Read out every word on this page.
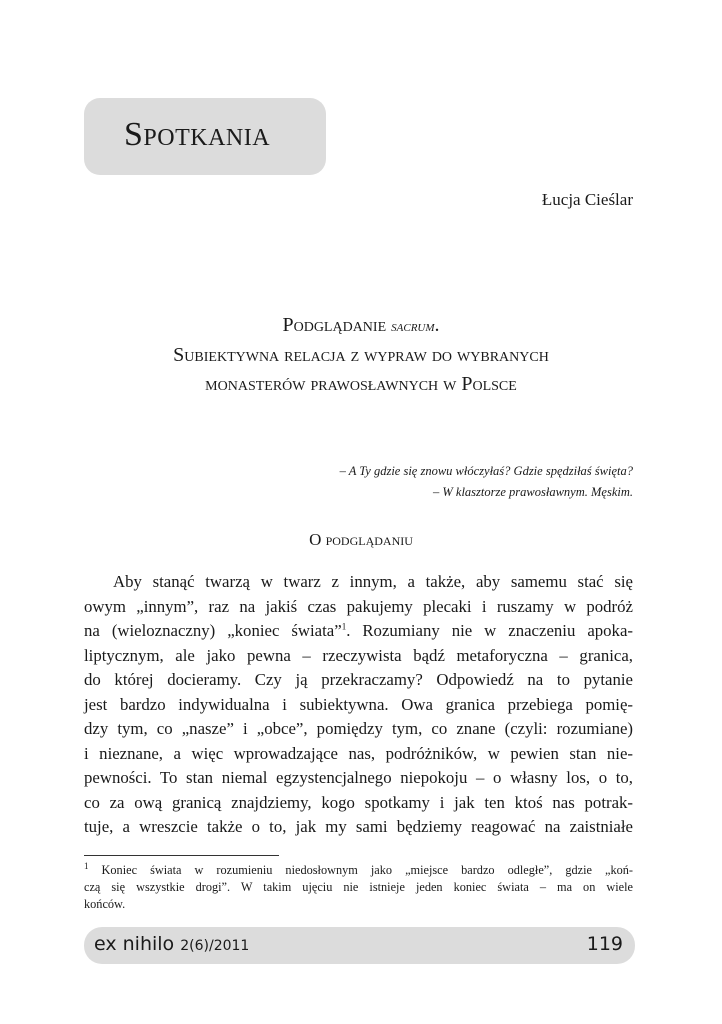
Spotkania
Łucja Cieślar
Podglądanie sacrum.
Subiektywna relacja z wypraw do wybranych
monasterów prawosławnych w Polsce
– A Ty gdzie się znowu włóczyłaś? Gdzie spędziłaś święta?
– W klasztorze prawosławnym. Męskim.
O podglądaniu
Aby stanąć twarzą w twarz z innym, a także, aby samemu stać się
owym „innym”, raz na jakiś czas pakujemy plecaki i ruszamy w podróż
na (wieloznaczny) „koniec świata”$^1$. Rozumiany nie w znaczeniu apoka-
liptycznym, ale jako pewna – rzeczywista bądź metaforyczna – granica,
do której docieramy. Czy ją przekraczamy? Odpowiedź na to pytanie
jest bardzo indywidualna i subiektywna. Owa granica przebiega pomię-
dzy tym, co „nasze” i „obce”, pomiędzy tym, co znane (czyli: rozumiane)
i nieznane, a więc wprowadzające nas, podróżników, w pewien stan nie-
pewności. To stan niemal egzystencjalnego niepokoju – o własny los, o to,
co za ową granicą znajdziemy, kogo spotkamy i jak ten ktoś nas potrak-
tuje, a wreszcie także o to, jak my sami będziemy reagować na zaistniałe
$^1$ Koniec świata w rozumieniu niedosłownym jako „miejsce bardzo odległe”, gdzie „koń-
czą się wszystkie drogi”. W takim ujęciu nie istnieje jeden koniec świata – ma on wiele
końców.
ex nihilo 2(6)/2011	119
